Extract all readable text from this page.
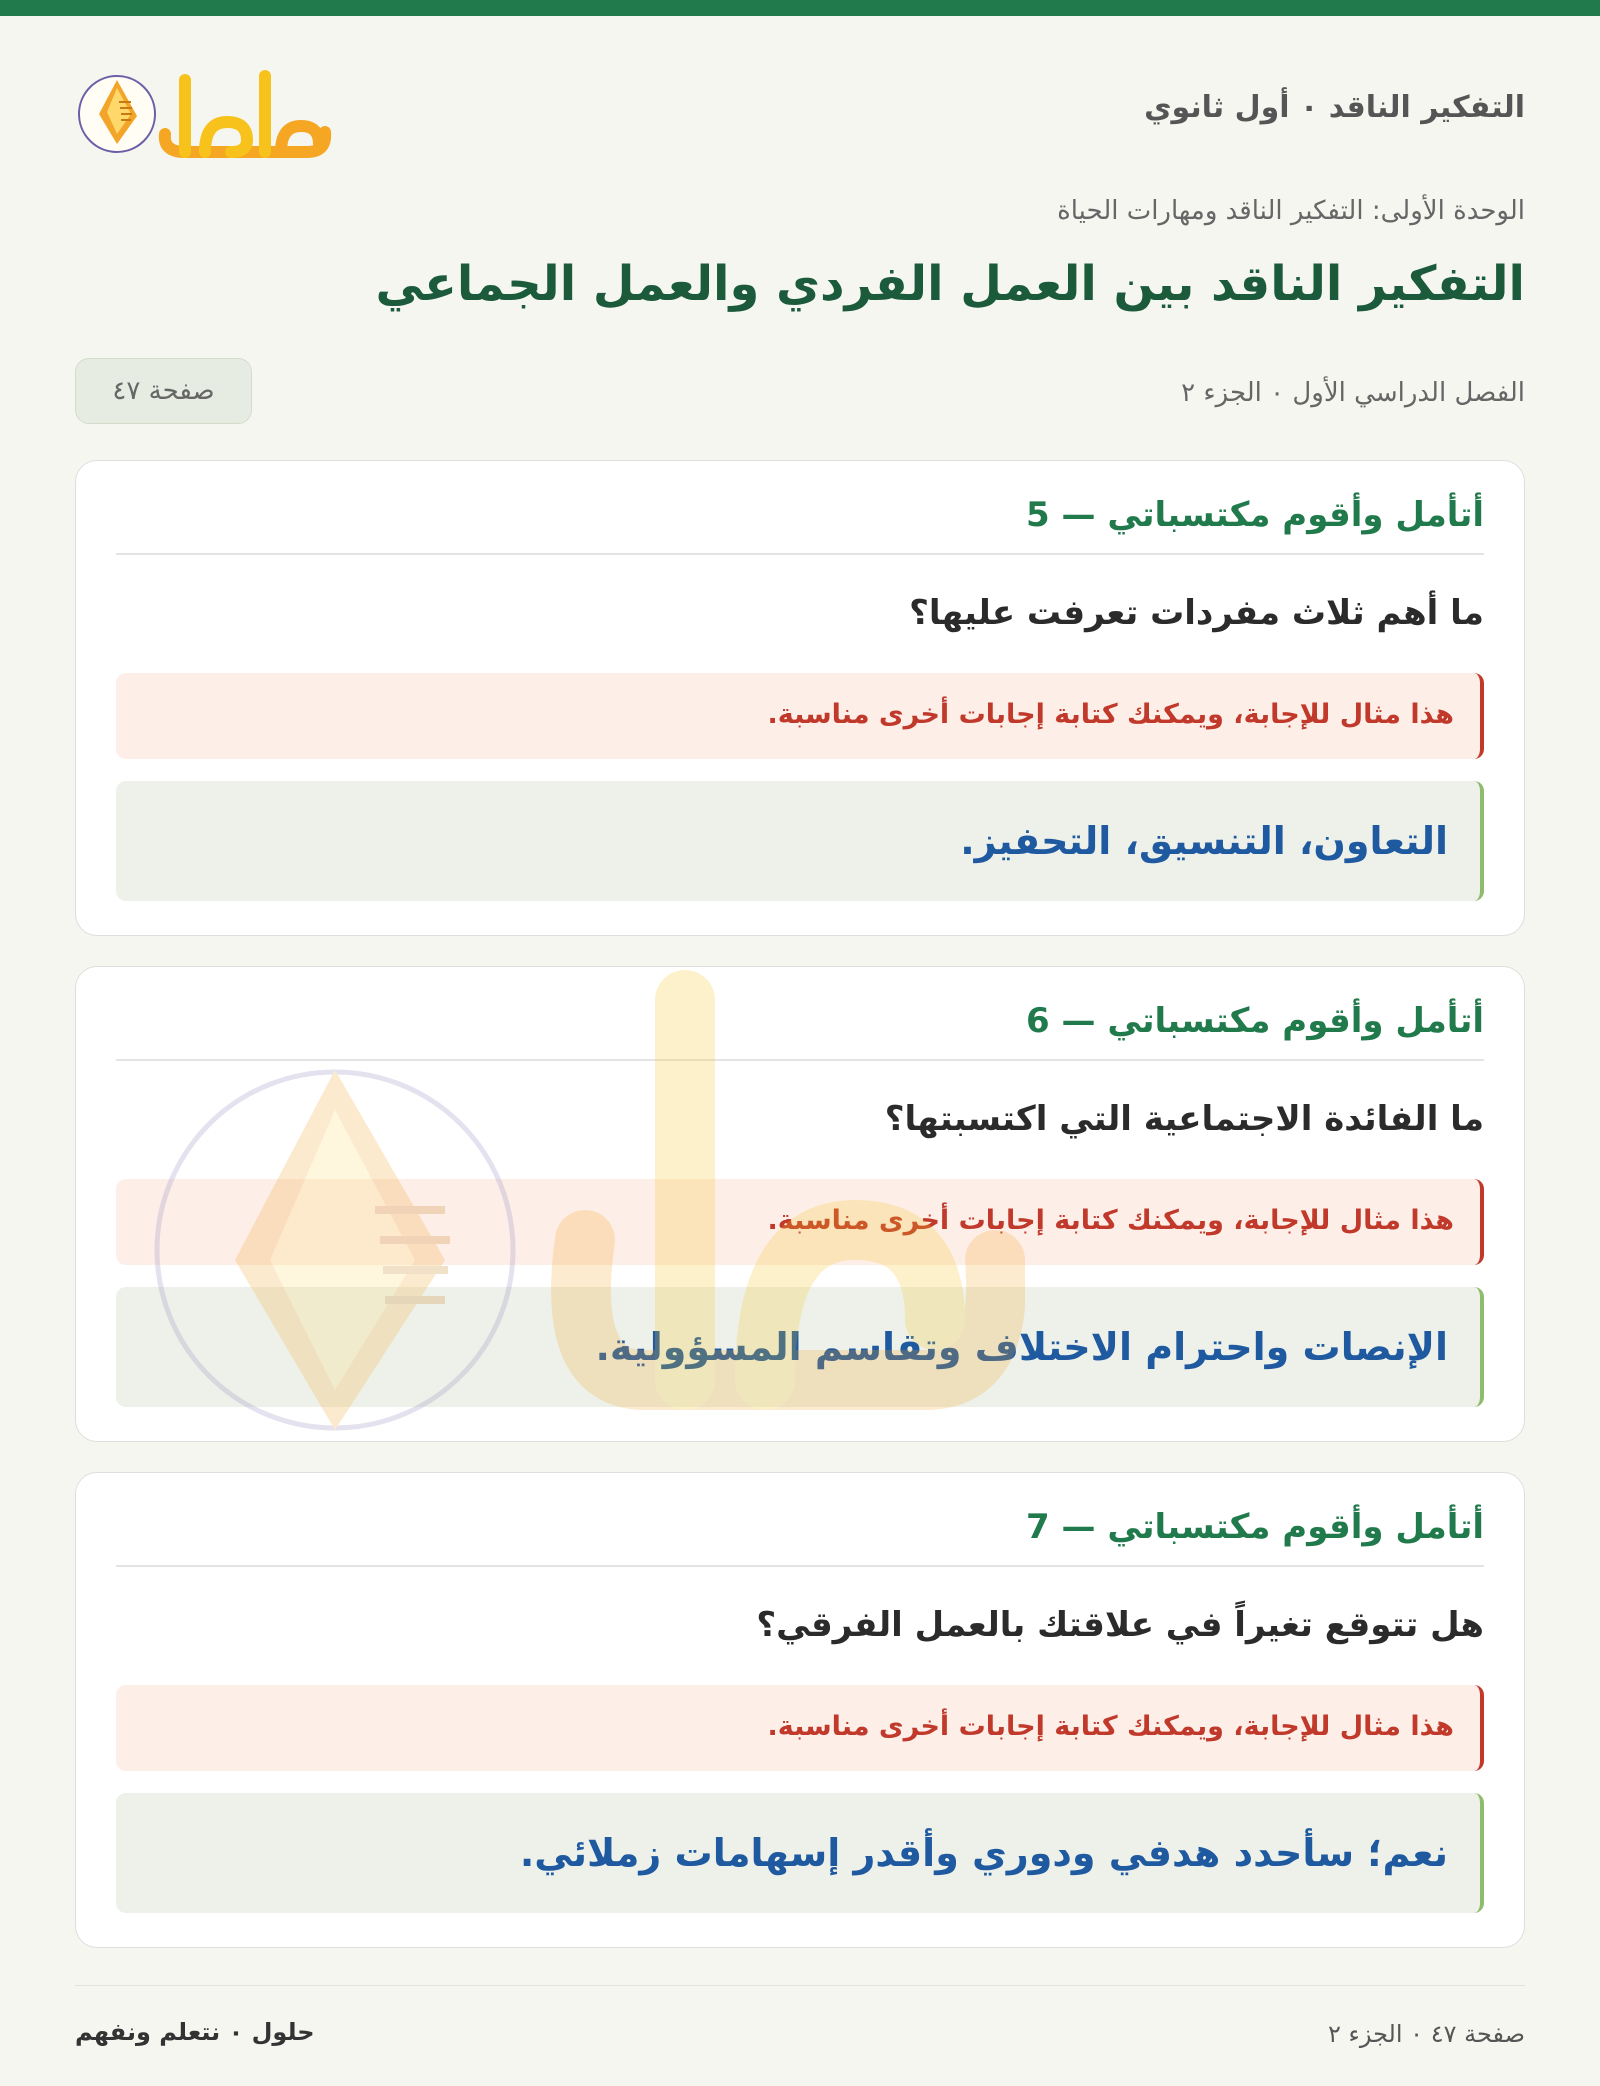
التفكير الناقد ٠ أول ثانوي
الوحدة الأولى: التفكير الناقد ومهارات الحياة
التفكير الناقد بين العمل الفردي والعمل الجماعي
الفصل الدراسي الأول ٠ الجزء ٢
صفحة ٤٧
أتأمل وأقوم مكتسباتي — 5
ما أهم ثلاث مفردات تعرفت عليها؟
هذا مثال للإجابة، ويمكنك كتابة إجابات أخرى مناسبة.
التعاون، التنسيق، التحفيز.
أتأمل وأقوم مكتسباتي — 6
ما الفائدة الاجتماعية التي اكتسبتها؟
هذا مثال للإجابة، ويمكنك كتابة إجابات أخرى مناسبة.
الإنصات واحترام الاختلاف وتقاسم المسؤولية.
أتأمل وأقوم مكتسباتي — 7
هل تتوقع تغيراً في علاقتك بالعمل الفرقي؟
هذا مثال للإجابة، ويمكنك كتابة إجابات أخرى مناسبة.
نعم؛ سأحدد هدفي ودوري وأقدر إسهامات زملائي.
صفحة ٤٧ ٠ الجزء ٢
حلول ٠ نتعلم ونفهم
